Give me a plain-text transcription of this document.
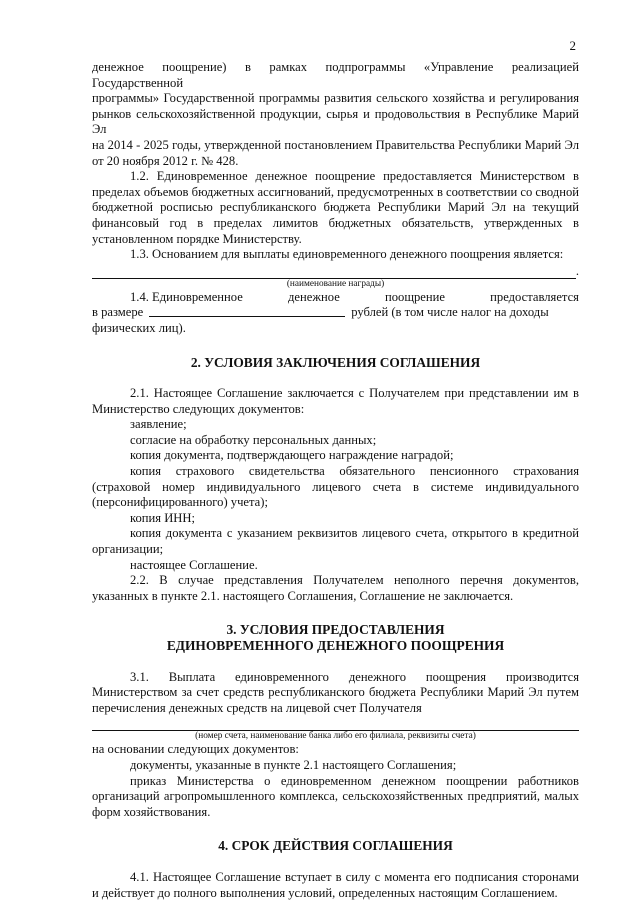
2

денежное поощрение) в рамках подпрограммы «Управление реализацией Государственной

программы» Государственной программы развития сельского хозяйства и регулирования

рынков сельскохозяйственной продукции, сырья и продовольствия в Республике Марий Эл

на 2014 - 2025 годы, утвержденной постановлением Правительства Республики Марий Эл

от 20 ноября 2012 г. № 428.

1.2. Единовременное денежное поощрение предоставляется Министерством в пределах объемов бюджетных ассигнований, предусмотренных в соответствии со сводной бюджетной росписью республиканского бюджета Республики Марий Эл на текущий финансовый год в пределах лимитов бюджетных обязательств, утвержденных в установленном порядке Министерству.

1.3. Основанием для выплаты единовременного денежного поощрения является:

.
(наименование награды)
1.4. Единовременное	денежное	поощрение	предоставляется
в размере	рублей (в том числе налог на доходы

физических лиц).

2. УСЛОВИЯ ЗАКЛЮЧЕНИЯ СОГЛАШЕНИЯ

2.1. Настоящее Соглашение заключается с Получателем при представлении им в Министерство следующих документов:

заявление;

согласие на обработку персональных данных;

копия документа, подтверждающего награждение наградой;

копия страхового свидетельства обязательного пенсионного страхования (страховой номер индивидуального лицевого счета в системе индивидуального (персонифицированного) учета);

копия ИНН;

копия документа с указанием реквизитов лицевого счета, открытого в кредитной организации;

настоящее Соглашение.

2.2. В случае представления Получателем неполного перечня документов, указанных в пункте 2.1. настоящего Соглашения, Соглашение не заключается.

3. УСЛОВИЯ ПРЕДОСТАВЛЕНИЯ
ЕДИНОВРЕМЕННОГО ДЕНЕЖНОГО ПООЩРЕНИЯ

3.1. Выплата единовременного денежного поощрения производится Министерством за счет средств республиканского бюджета Республики Марий Эл путем перечисления денежных средств на лицевой счет Получателя

(номер счета, наименование банка либо его филиала, реквизиты счета)

на основании следующих документов:

документы, указанные в пункте 2.1 настоящего Соглашения;

приказ Министерства о единовременном денежном поощрении работников организаций агропромышленного комплекса, сельскохозяйственных предприятий, малых форм хозяйствования.

4. СРОК ДЕЙСТВИЯ СОГЛАШЕНИЯ

4.1. Настоящее Соглашение вступает в силу с момента его подписания сторонами и действует до полного выполнения условий, определенных настоящим Соглашением.
